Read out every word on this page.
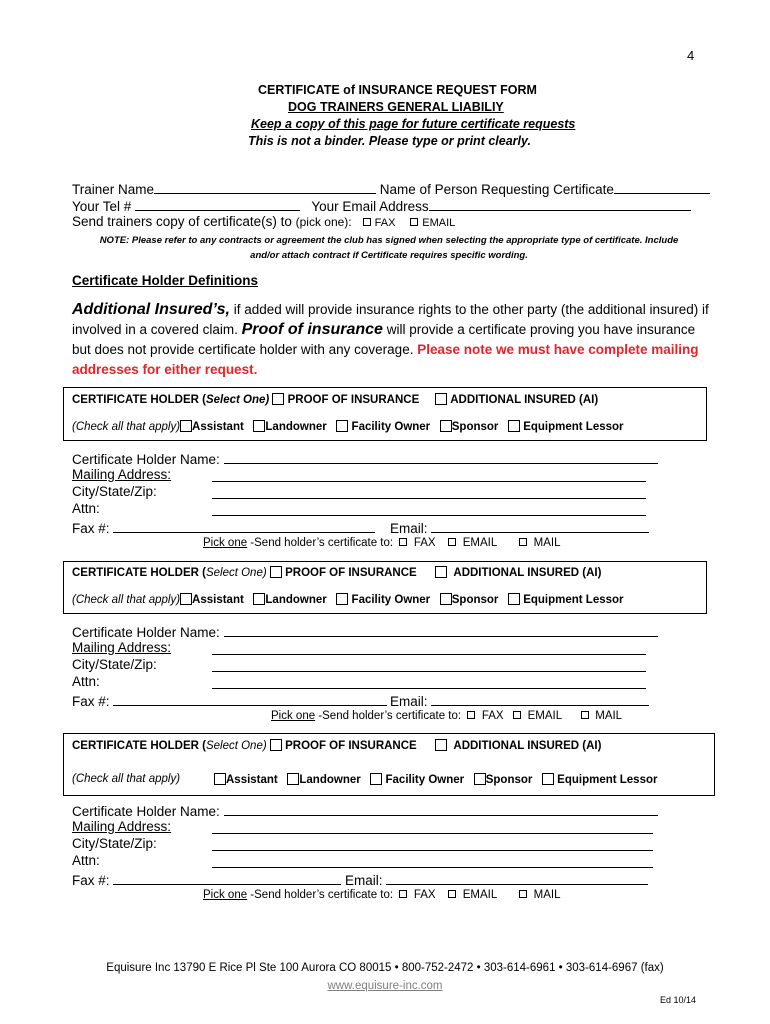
4
CERTIFICATE of INSURANCE REQUEST FORM
DOG TRAINERS GENERAL LIABILIY
Keep a copy of this page for future certificate requests
This is not a binder. Please type or print clearly.
Trainer Name	Name of Person Requesting Certificate
Your Tel #	Your Email Address
Send trainers copy of certificate(s) to (pick one): FAX EMAIL
NOTE: Please refer to any contracts or agreement the club has signed when selecting the appropriate type of certificate. Include and/or attach contract if Certificate requires specific wording.
Certificate Holder Definitions
Additional Insured’s, if added will provide insurance rights to the other party (the additional insured) if involved in a covered claim. Proof of insurance will provide a certificate proving you have insurance but does not provide certificate holder with any coverage. Please note we must have complete mailing addresses for either request.
CERTIFICATE HOLDER (Select One) PROOF OF INSURANCE	ADDITIONAL INSURED (AI)
(Check all that apply) Assistant Landowner Facility Owner Sponsor Equipment Lessor
Certificate Holder Name:
Mailing Address:
City/State/Zip:
Attn:
Fax #:	Email:
Pick one -Send holder’s certificate to: FAX EMAIL	MAIL
CERTIFICATE HOLDER (Select One) PROOF OF INSURANCE	ADDITIONAL INSURED (AI)
(Check all that apply) Assistant Landowner Facility Owner Sponsor Equipment Lessor
Certificate Holder Name:
Mailing Address:
City/State/Zip:
Attn:
Fax #:	Email:
Pick one -Send holder’s certificate to: FAX EMAIL	MAIL
CERTIFICATE HOLDER (Select One) PROOF OF INSURANCE	ADDITIONAL INSURED (AI)
(Check all that apply)	Assistant Landowner Facility Owner Sponsor Equipment Lessor
Certificate Holder Name:
Mailing Address:
City/State/Zip:
Attn:
Fax #:	Email:
Pick one -Send holder’s certificate to: FAX EMAIL	MAIL
Equisure Inc 13790 E Rice Pl Ste 100 Aurora CO 80015 • 800-752-2472 • 303-614-6961 • 303-614-6967 (fax)
www.equisure-inc.com
Ed 10/14
